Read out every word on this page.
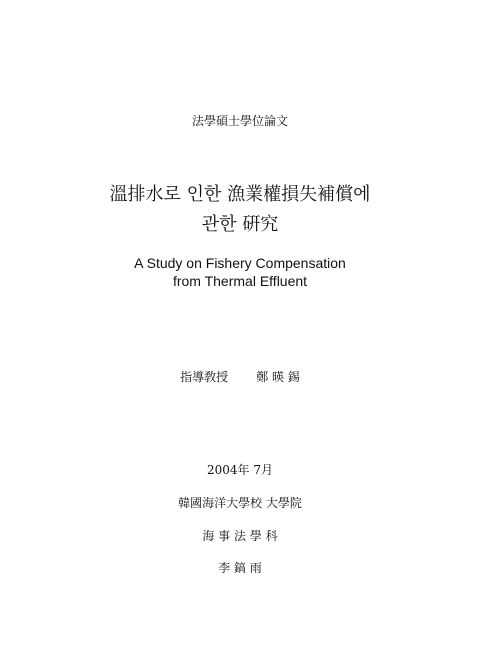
法學碩士學位論文
溫排水로 인한 漁業權損失補償에
관한 硏究
A Study on Fishery Compensation
from Thermal Effluent
指導敎授 鄭 暎 錫
2004年 7月
韓國海洋大學校 大學院
海 事 法 學 科
李 鎬 雨
